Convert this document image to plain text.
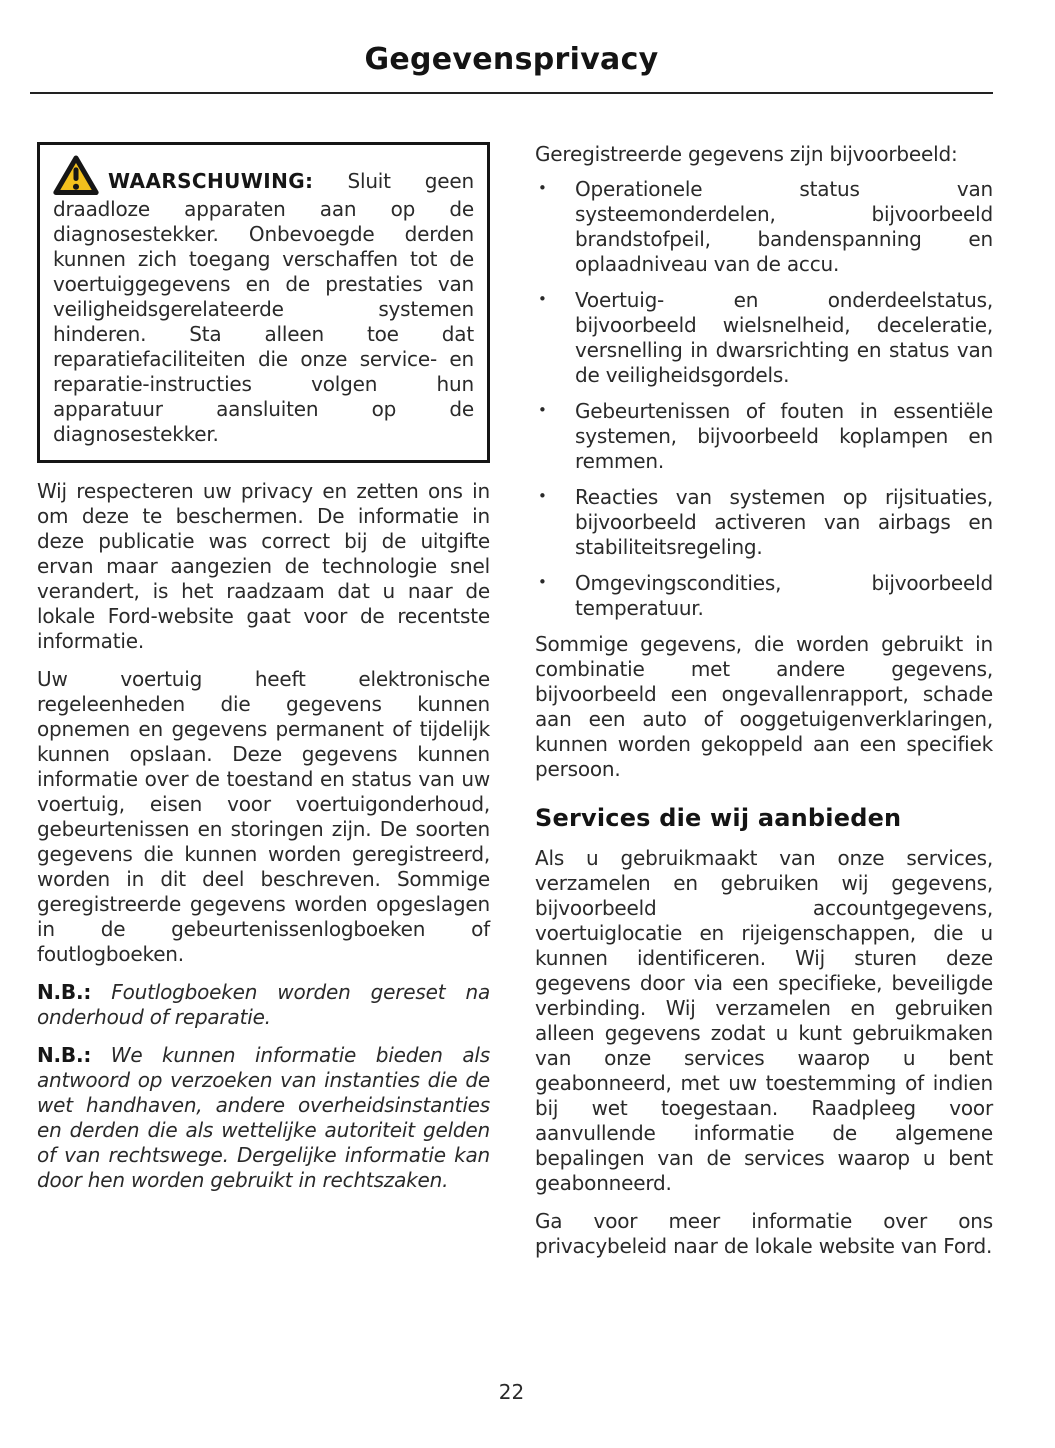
Gegevensprivacy

WAARSCHUWING: Sluit geen draadloze apparaten aan op de diagnosestekker. Onbevoegde derden kunnen zich toegang verschaffen tot de voertuiggegevens en de prestaties van veiligheidsgerelateerde systemen hinderen. Sta alleen toe dat reparatiefaciliteiten die onze service- en reparatie-instructies volgen hun apparatuur aansluiten op de diagnosestekker.

Wij respecteren uw privacy en zetten ons in om deze te beschermen. De informatie in deze publicatie was correct bij de uitgifte ervan maar aangezien de technologie snel verandert, is het raadzaam dat u naar de lokale Ford-website gaat voor de recentste informatie.

Uw voertuig heeft elektronische regeleenheden die gegevens kunnen opnemen en gegevens permanent of tijdelijk kunnen opslaan. Deze gegevens kunnen informatie over de toestand en status van uw voertuig, eisen voor voertuigonderhoud, gebeurtenissen en storingen zijn. De soorten gegevens die kunnen worden geregistreerd, worden in dit deel beschreven. Sommige geregistreerde gegevens worden opgeslagen in de gebeurtenissenlogboeken of foutlogboeken.

N.B.: Foutlogboeken worden gereset na onderhoud of reparatie.

N.B.: We kunnen informatie bieden als antwoord op verzoeken van instanties die de wet handhaven, andere overheidsinstanties en derden die als wettelijke autoriteit gelden of van rechtswege. Dergelijke informatie kan door hen worden gebruikt in rechtszaken.

Geregistreerde gegevens zijn bijvoorbeeld:

• Operationele status van systeemonderdelen, bijvoorbeeld brandstofpeil, bandenspanning en oplaadniveau van de accu.
• Voertuig- en onderdeelstatus, bijvoorbeeld wielsnelheid, deceleratie, versnelling in dwarsrichting en status van de veiligheidsgordels.
• Gebeurtenissen of fouten in essentiële systemen, bijvoorbeeld koplampen en remmen.
• Reacties van systemen op rijsituaties, bijvoorbeeld activeren van airbags en stabiliteitsregeling.
• Omgevingscondities, bijvoorbeeld temperatuur.

Sommige gegevens, die worden gebruikt in combinatie met andere gegevens, bijvoorbeeld een ongevallenrapport, schade aan een auto of ooggetuigenverklaringen, kunnen worden gekoppeld aan een specifiek persoon.

Services die wij aanbieden

Als u gebruikmaakt van onze services, verzamelen en gebruiken wij gegevens, bijvoorbeeld accountgegevens, voertuiglocatie en rijeigenschappen, die u kunnen identificeren. Wij sturen deze gegevens door via een specifieke, beveiligde verbinding. Wij verzamelen en gebruiken alleen gegevens zodat u kunt gebruikmaken van onze services waarop u bent geabonneerd, met uw toestemming of indien bij wet toegestaan. Raadpleeg voor aanvullende informatie de algemene bepalingen van de services waarop u bent geabonneerd.

Ga voor meer informatie over ons privacybeleid naar de lokale website van Ford.

22
